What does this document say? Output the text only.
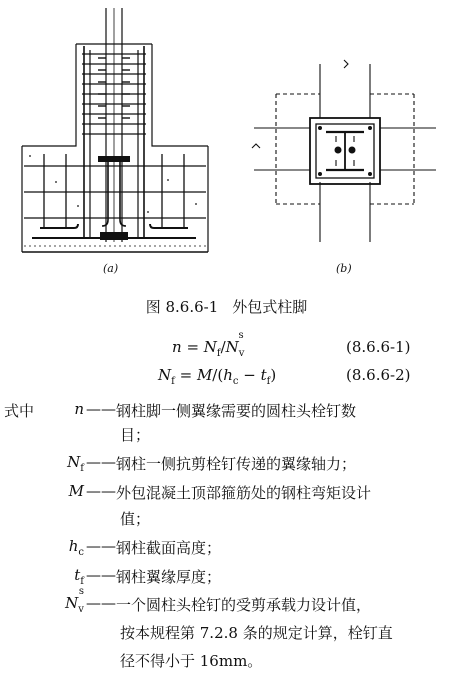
(a)	(b)
图 8.6.6-1 外包式柱脚
$n = N_f/N_v^s$
(8.6.6-1)
$N_f = M/(h_c - t_f)$	(8.6.6-2)
式中	n —— 钢柱脚一侧翼缘需要的圆柱头栓钉数
目；
$N_f$ —— 钢柱一侧抗剪栓钉传递的翼缘轴力；
M —— 外包混凝土顶部箍筋处的钢柱弯矩设计
值；
$h_c$ —— 钢柱截面高度；
$t_f$ —— 钢柱翼缘厚度；
$N_v^s$
—— 一个圆柱头栓钉的受剪承载力设计值，
按本规程第 7.2.8 条的规定计算，栓钉直
径不得小于 16mm。
